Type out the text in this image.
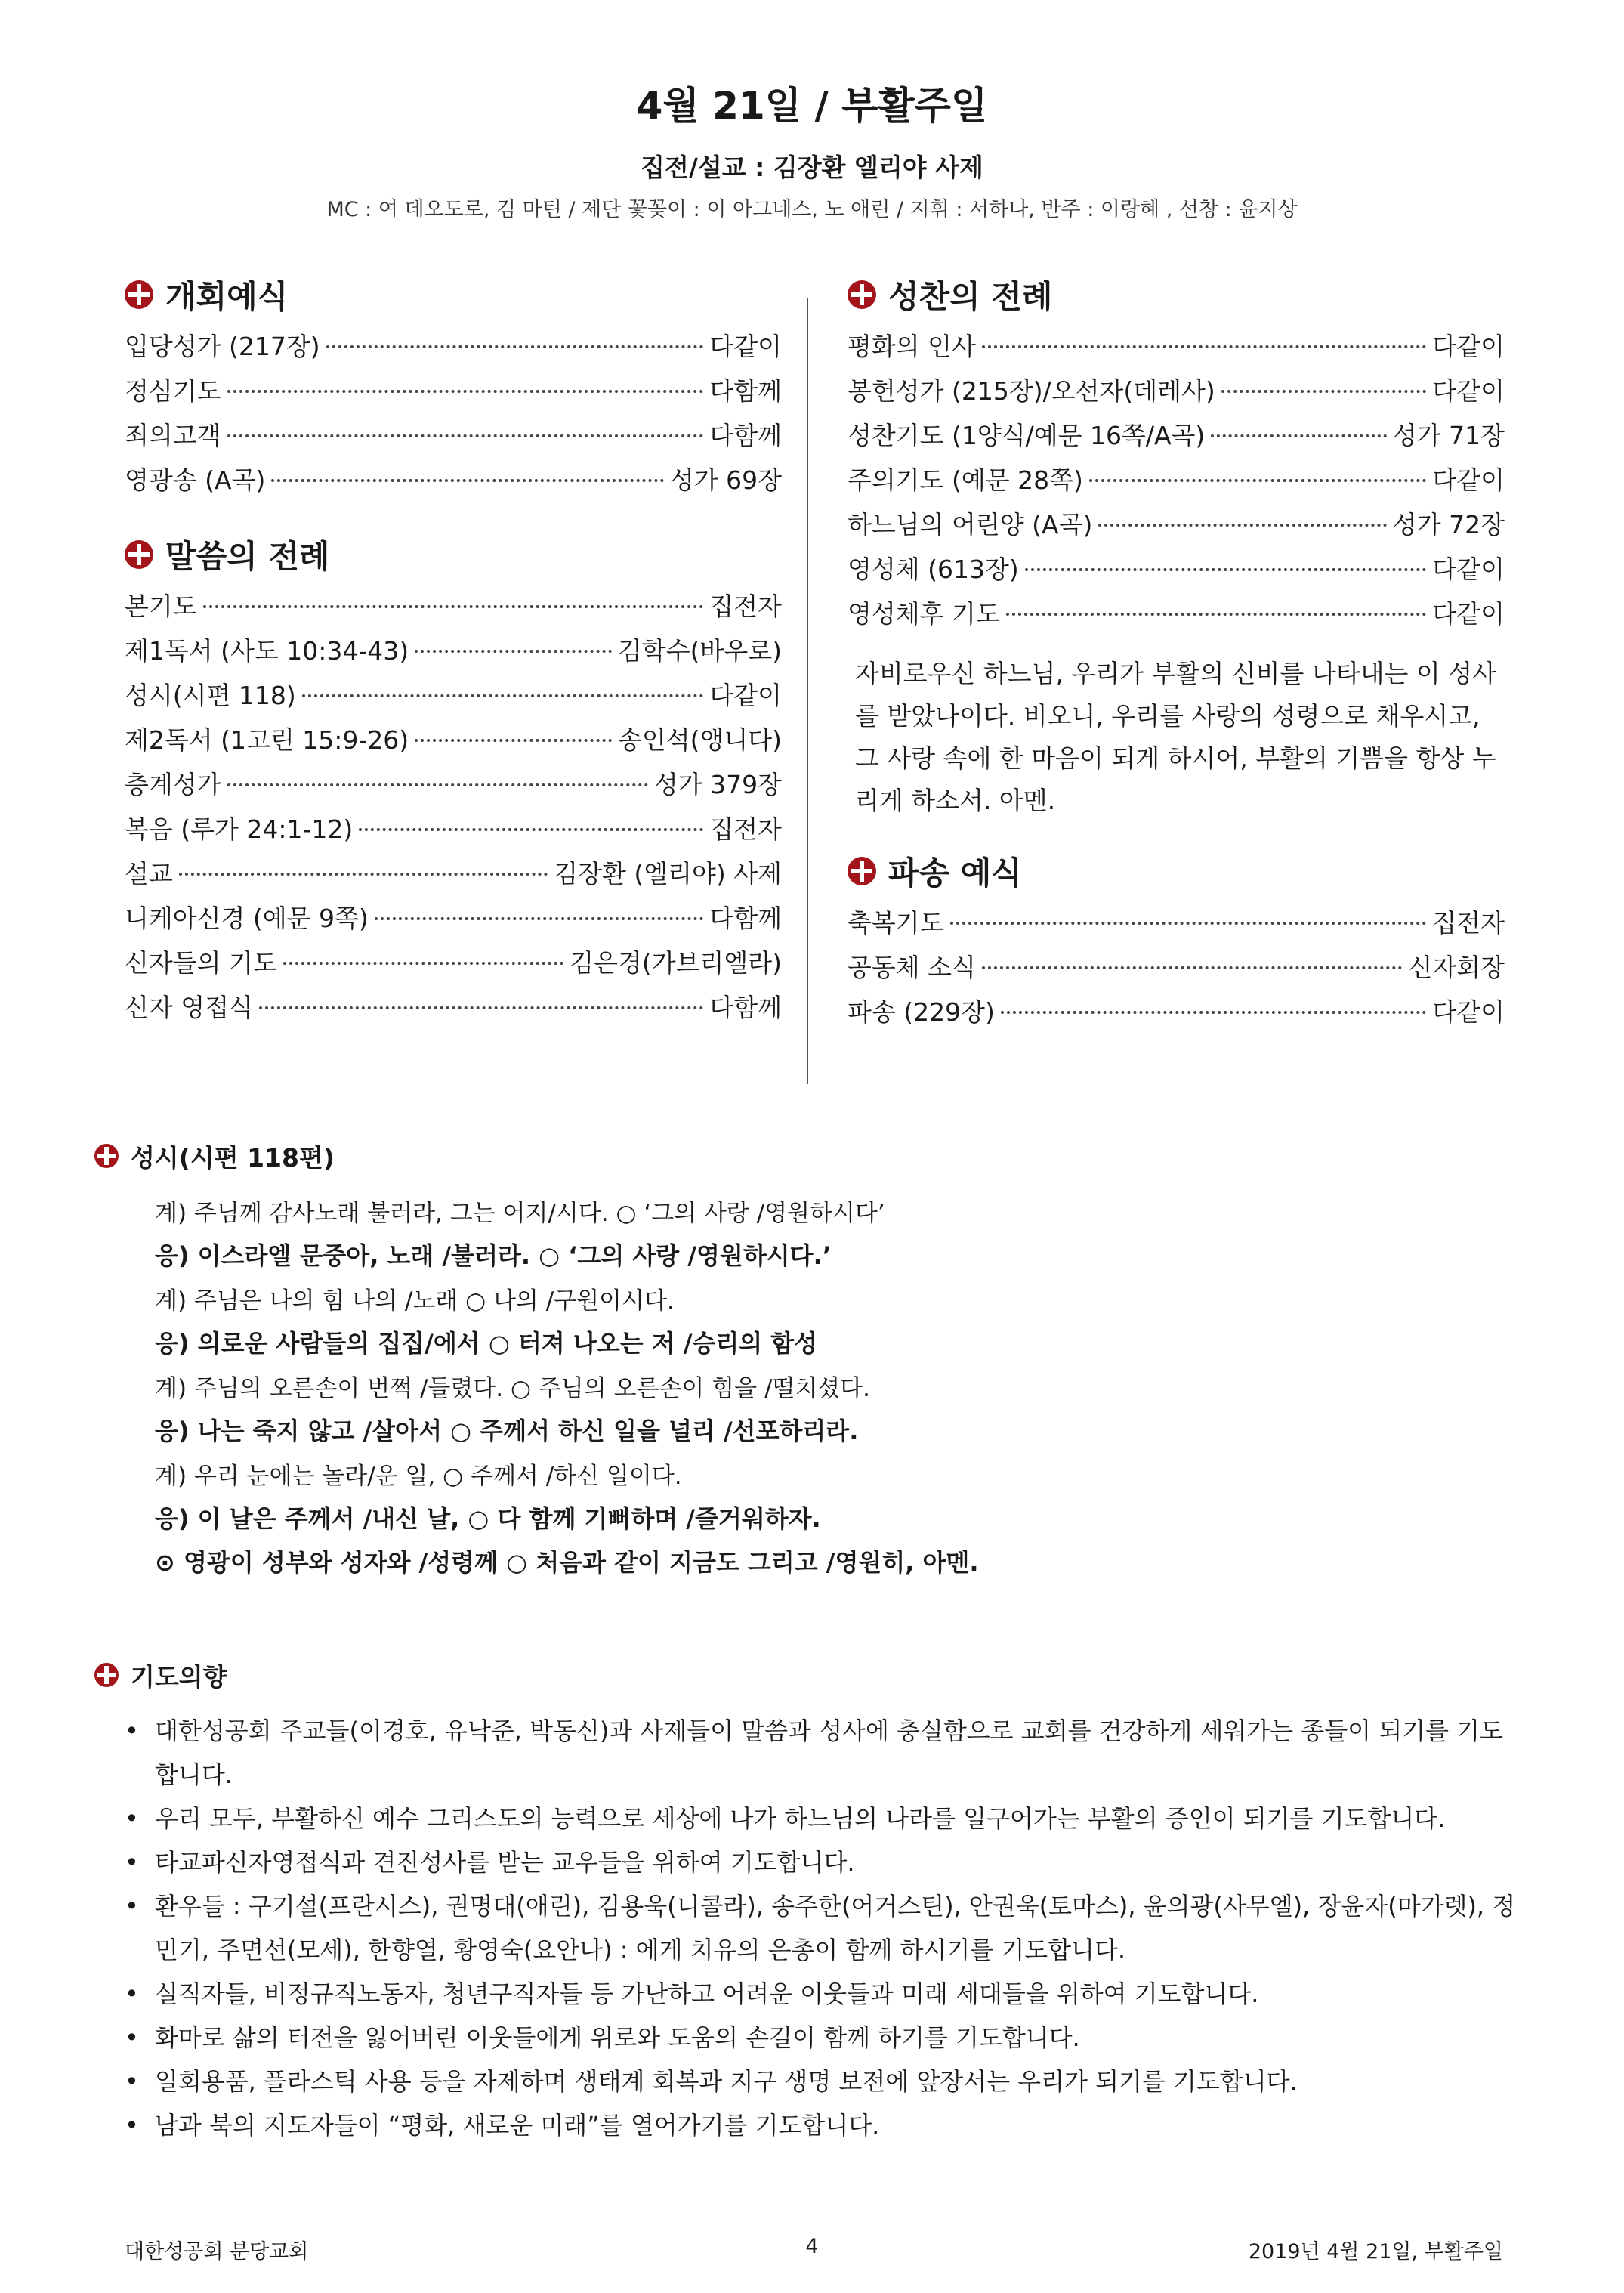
4월 21일 / 부활주일
집전/설교 : 김장환 엘리야 사제
MC : 여 데오도로, 김 마틴 / 제단 꽃꽂이 : 이 아그네스, 노 애린 / 지휘 : 서하나, 반주 : 이랑혜 , 선창 : 윤지상
개회예식
입당성가 (217장)	다같이
정심기도	다함께
죄의고객	다함께
영광송 (A곡)	성가 69장
말씀의 전례
본기도	집전자
제1독서 (사도 10:34-43)	김학수(바우로)
성시(시편 118)	다같이
제2독서 (1고린 15:9-26)	송인석(앵니다)
층계성가	성가 379장
복음 (루가 24:1-12)	집전자
설교	김장환 (엘리야) 사제
니케아신경 (예문 9쪽)	다함께
신자들의 기도	김은경(가브리엘라)
신자 영접식	다함께
성찬의 전례
평화의 인사	다같이
봉헌성가 (215장)/오선자(데레사)	다같이
성찬기도 (1양식/예문 16쪽/A곡)	성가 71장
주의기도 (예문 28쪽)	다같이
하느님의 어린양 (A곡)	성가 72장
영성체 (613장)	다같이
영성체후 기도	다같이
자비로우신 하느님, 우리가 부활의 신비를 나타내는 이 성사를 받았나이다. 비오니, 우리를 사랑의 성령으로 채우시고, 그 사랑 속에 한 마음이 되게 하시어, 부활의 기쁨을 항상 누리게 하소서. 아멘.
파송 예식
축복기도	집전자
공동체 소식	신자회장
파송 (229장)	다같이
성시(시편 118편)
계) 주님께 감사노래 불러라, 그는 어지/시다. ○ ‘그의 사랑 /영원하시다’
응) 이스라엘 문중아, 노래 /불러라. ○ ‘그의 사랑 /영원하시다.’
계) 주님은 나의 힘 나의 /노래 ○ 나의 /구원이시다.
응) 의로운 사람들의 집집/에서 ○ 터져 나오는 저 /승리의 함성
계) 주님의 오른손이 번쩍 /들렸다. ○ 주님의 오른손이 힘을 /떨치셨다.
응) 나는 죽지 않고 /살아서 ○ 주께서 하신 일을 널리 /선포하리라.
계) 우리 눈에는 놀라/운 일, ○ 주께서 /하신 일이다.
응) 이 날은 주께서 /내신 날, ○ 다 함께 기뻐하며 /즐거워하자.
⊙ 영광이 성부와 성자와 /성령께 ○ 처음과 같이 지금도 그리고 /영원히, 아멘.
기도의향
• 대한성공회 주교들(이경호, 유낙준, 박동신)과 사제들이 말씀과 성사에 충실함으로 교회를 건강하게 세워가는 종들이 되기를 기도합니다.
• 우리 모두, 부활하신 예수 그리스도의 능력으로 세상에 나가 하느님의 나라를 일구어가는 부활의 증인이 되기를 기도합니다.
• 타교파신자영접식과 견진성사를 받는 교우들을 위하여 기도합니다.
• 환우들 : 구기설(프란시스), 권명대(애린), 김용욱(니콜라), 송주한(어거스틴), 안권욱(토마스), 윤의광(사무엘), 장윤자(마가렛), 정민기, 주면선(모세), 한향열, 황영숙(요안나) : 에게 치유의 은총이 함께 하시기를 기도합니다.
• 실직자들, 비정규직노동자, 청년구직자들 등 가난하고 어려운 이웃들과 미래 세대들을 위하여 기도합니다.
• 화마로 삶의 터전을 잃어버린 이웃들에게 위로와 도움의 손길이 함께 하기를 기도합니다.
• 일회용품, 플라스틱 사용 등을 자제하며 생태계 회복과 지구 생명 보전에 앞장서는 우리가 되기를 기도합니다.
• 남과 북의 지도자들이 “평화, 새로운 미래”를 열어가기를 기도합니다.
대한성공회 분당교회	4	2019년 4월 21일, 부활주일
